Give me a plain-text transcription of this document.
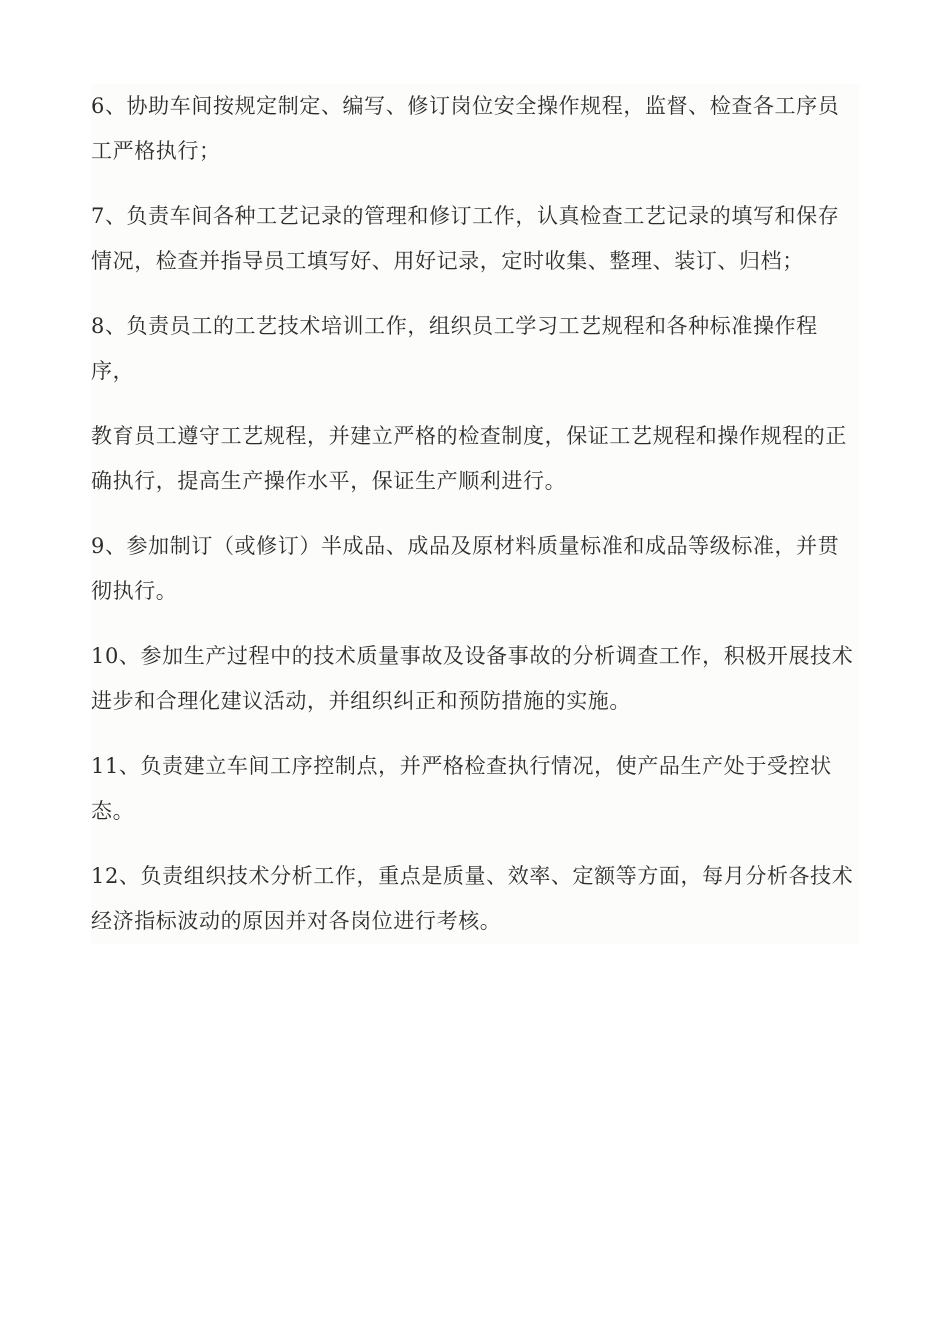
6、协助车间按规定制定、编写、修订岗位安全操作规程，监督、检查各工序员工严格执行；

7、负责车间各种工艺记录的管理和修订工作，认真检查工艺记录的填写和保存情况，检查并指导员工填写好、用好记录，定时收集、整理、装订、归档；

8、负责员工的工艺技术培训工作，组织员工学习工艺规程和各种标准操作程序，

教育员工遵守工艺规程，并建立严格的检查制度，保证工艺规程和操作规程的正确执行，提高生产操作水平，保证生产顺利进行。

9、参加制订（或修订）半成品、成品及原材料质量标准和成品等级标准，并贯彻执行。

10、参加生产过程中的技术质量事故及设备事故的分析调查工作，积极开展技术进步和合理化建议活动，并组织纠正和预防措施的实施。

11、负责建立车间工序控制点，并严格检查执行情况，使产品生产处于受控状态。

12、负责组织技术分析工作，重点是质量、效率、定额等方面，每月分析各技术经济指标波动的原因并对各岗位进行考核。
